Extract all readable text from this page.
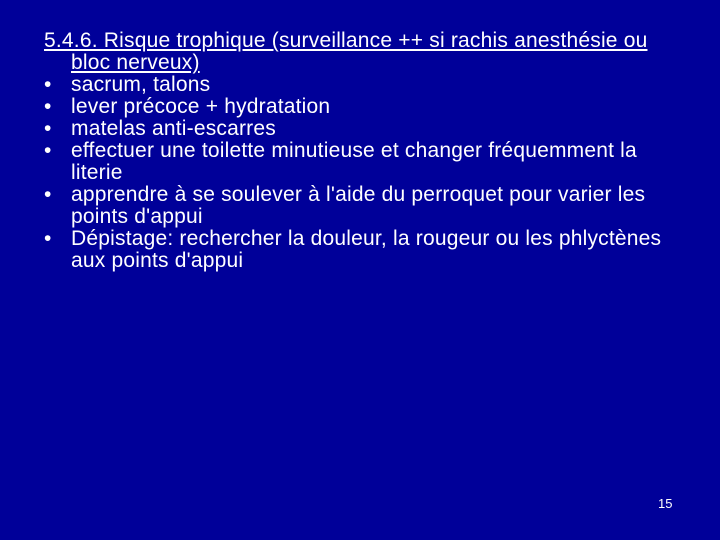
5.4.6. Risque trophique (surveillance ++ si rachis anesthésie ou bloc nerveux)

• sacrum, talons
• lever précoce + hydratation
• matelas anti-escarres
• effectuer une toilette minutieuse et changer fréquemment la literie
• apprendre à se soulever à l'aide du perroquet pour varier les points d'appui
• Dépistage: rechercher la douleur, la rougeur ou les phlyctènes aux points d'appui
15
